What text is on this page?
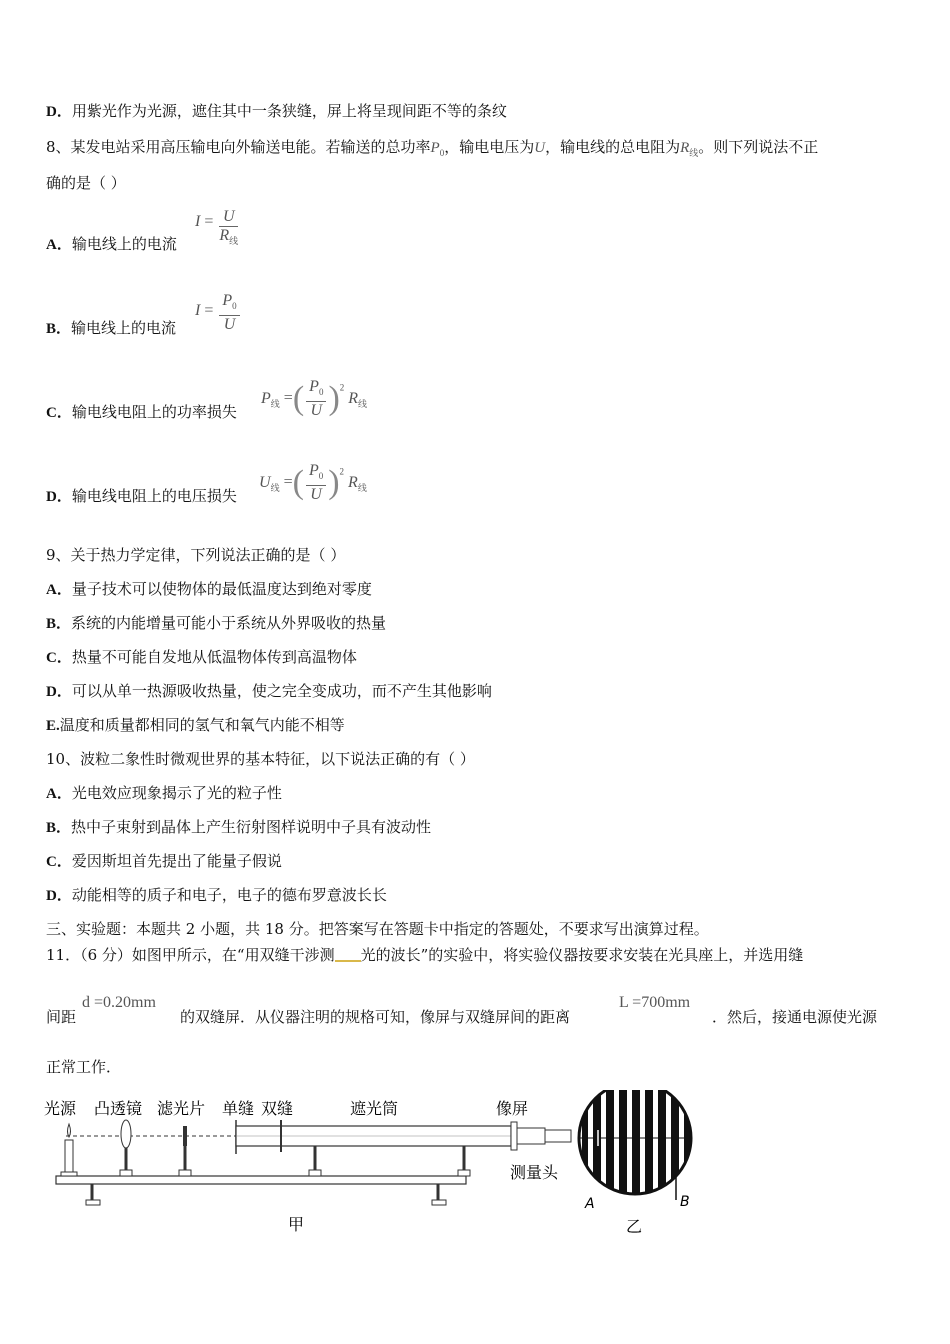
D．用紫光作为光源，遮住其中一条狭缝，屏上将呈现间距不等的条纹
8、某发电站采用高压输电向外输送电能。若输送的总功率$P_0$，输电电压为U，输电线的总电阻为$R_线$。则下列说法不正
确的是（ ）
A．输电线上的电流
$I = \frac{U}{R_线}$
B．输电线上的电流
$I = \frac{P_0}{U}$
C．输电线电阻上的功率损失
$P_线$ =( $\frac{P_0}{U} )^2$ $R_线$
D．输电线电阻上的电压损失
$U_线$ =( $\frac{P_0}{U} )^2$ $R_线$
9、关于热力学定律，下列说法正确的是（ ）
A．量子技术可以使物体的最低温度达到绝对零度
B．系统的内能增量可能小于系统从外界吸收的热量
C．热量不可能自发地从低温物体传到高温物体
D．可以从单一热源吸收热量，使之完全变成功，而不产生其他影响
E.温度和质量都相同的氢气和氧气内能不相等
10、波粒二象性时微观世界的基本特征，以下说法正确的有（ ）
A．光电效应现象揭示了光的粒子性
B．热中子束射到晶体上产生衍射图样说明中子具有波动性
C．爱因斯坦首先提出了能量子假说
D．动能相等的质子和电子，电子的德布罗意波长长
三、实验题：本题共 2 小题，共 18 分。把答案写在答题卡中指定的答题处，不要求写出演算过程。
11．（6 分）如图甲所示，在“用双缝干涉测 光的波长”的实验中，将实验仪器按要求安装在光具座上，并选用缝
间距
d =0.20mm
的双缝屏．从仪器注明的规格可知，像屏与双缝屏间的距离
L =700mm
．然后，接通电源使光源
正常工作．
光源 凸透镜 滤光片 单缝 双缝	遮光筒	像屏
测量头
甲	乙
A	B
